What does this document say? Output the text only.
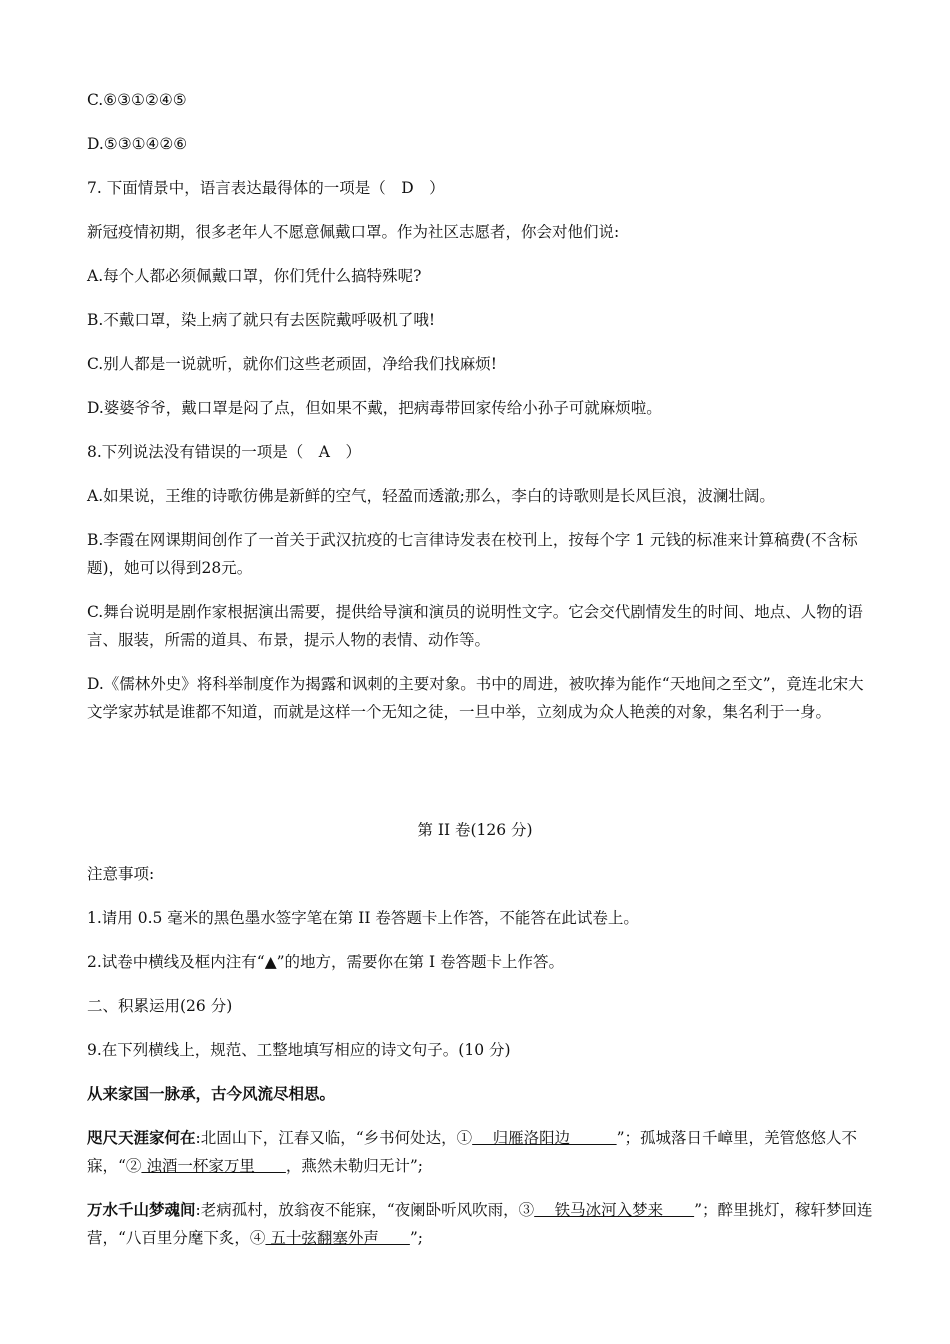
C.⑥③①②④⑤

D.⑤③①④②⑥

7. 下面情景中，语言表达最得体的一项是（　D　）

新冠疫情初期，很多老年人不愿意佩戴口罩。作为社区志愿者，你会对他们说:

A.每个人都必须佩戴口罩，你们凭什么搞特殊呢?

B.不戴口罩，染上病了就只有去医院戴呼吸机了哦!

C.别人都是一说就听，就你们这些老顽固，净给我们找麻烦!

D.婆婆爷爷，戴口罩是闷了点，但如果不戴，把病毒带回家传给小孙子可就麻烦啦。

8.下列说法没有错误的一项是（　A　）

A.如果说，王维的诗歌彷佛是新鲜的空气，轻盈而透澈;那么，李白的诗歌则是长风巨浪，波澜壮阔。

B.李霞在网课期间创作了一首关于武汉抗疫的七言律诗发表在校刊上，按每个字 1 元钱的标准来计算稿费(不含标题)，她可以得到28元。

C.舞台说明是剧作家根据演出需要，提供给导演和演员的说明性文字。它会交代剧情发生的时间、地点、人物的语言、服装，所需的道具、布景，提示人物的表情、动作等。

D.《儒林外史》将科举制度作为揭露和讽刺的主要对象。书中的周进，被吹捧为能作“天地间之至文”，竟连北宋大文学家苏轼是谁都不知道，而就是这样一个无知之徒，一旦中举，立刻成为众人艳羡的对象，集名利于一身。

第 II 卷(126 分)

注意事项:

1.请用 0.5 毫米的黑色墨水签字笔在第 II 卷答题卡上作答，不能答在此试卷上。

2.试卷中横线及框内注有“▲”的地方，需要你在第 I 卷答题卡上作答。

二、积累运用(26 分)

9.在下列横线上，规范、工整地填写相应的诗文句子。(10 分)

从来家国一脉承，古今风流尽相思。

咫尺天涯家何在:北固山下，江春又临，“乡书何处达，①　 归雁洛阳边　　　”；孤城落日千嶂里，羌管悠悠人不寐，“② 浊酒一杯家万里　　，燕然未勒归无计”;

万水千山梦魂间:老病孤村，放翁夜不能寐，“夜阑卧听风吹雨，③　 铁马冰河入梦来　　”；醉里挑灯，稼轩梦回连营，“八百里分麾下炙，④ 五十弦翻塞外声　　”;
